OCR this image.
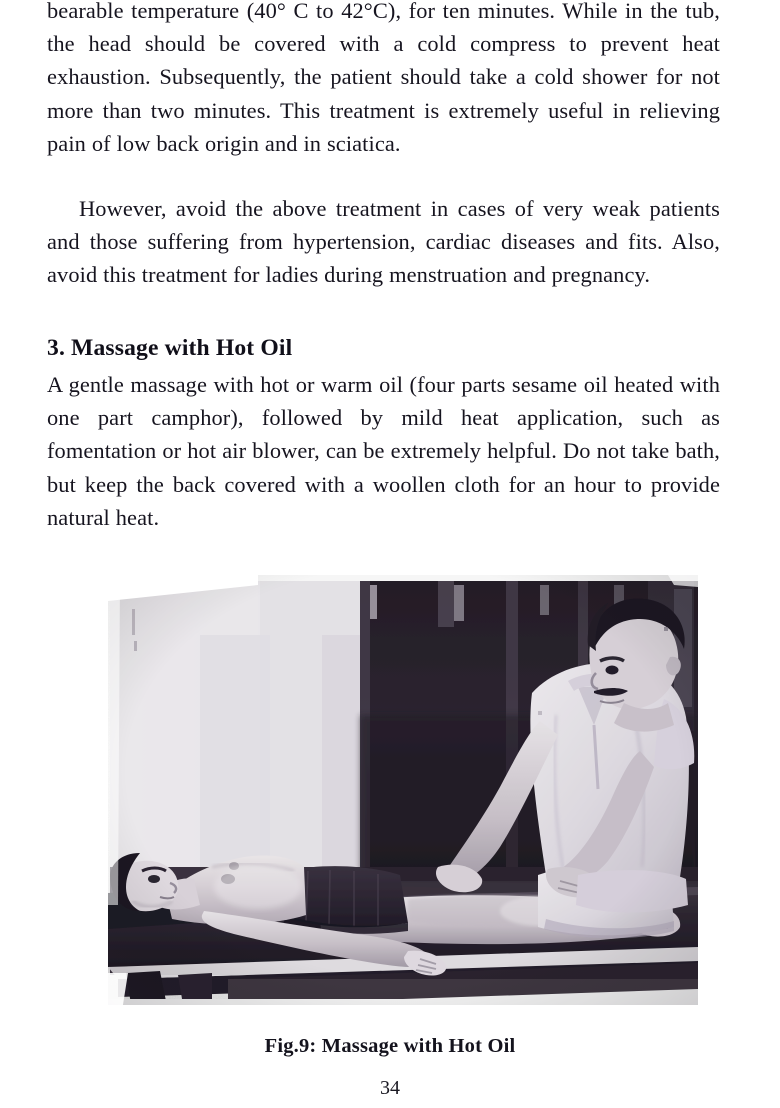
bearable temperature (40° C to 42°C), for ten minutes. While in the tub, the head should be covered with a cold compress to prevent heat exhaustion. Subsequently, the patient should take a cold shower for not more than two minutes. This treatment is extremely useful in relieving pain of low back origin and in sciatica.

However, avoid the above treatment in cases of very weak patients and those suffering from hypertension, cardiac diseases and fits. Also, avoid this treatment for ladies during menstruation and pregnancy.

3. Massage with Hot Oil

A gentle massage with hot or warm oil (four parts sesame oil heated with one part camphor), followed by mild heat application, such as fomentation or hot air blower, can be extremely helpful. Do not take bath, but keep the back covered with a woollen cloth for an hour to provide natural heat.

Fig.9: Massage with Hot Oil
34
